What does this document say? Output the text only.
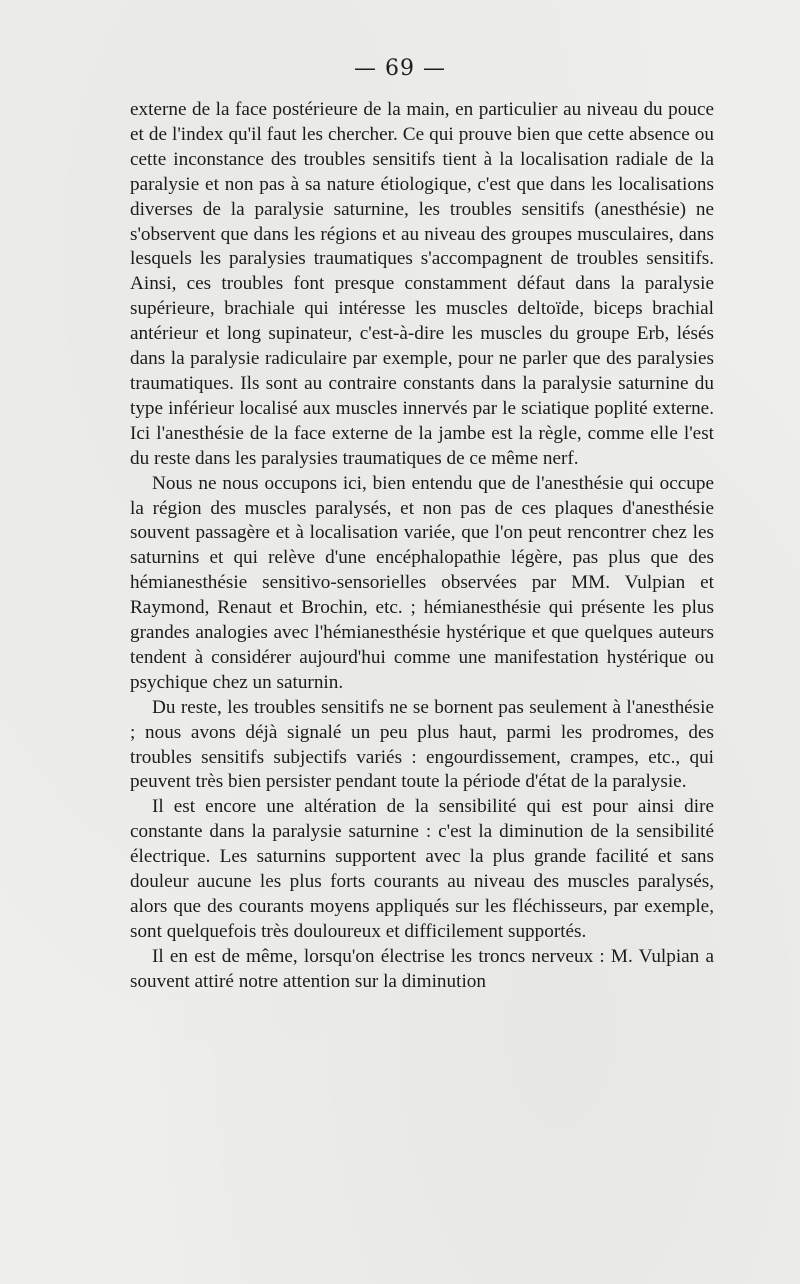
— 69 —

externe de la face postérieure de la main, en particulier au niveau du pouce et de l'index qu'il faut les chercher. Ce qui prouve bien que cette absence ou cette inconstance des troubles sensitifs tient à la localisation radiale de la paralysie et non pas à sa nature étiologique, c'est que dans les localisations diverses de la paralysie saturnine, les troubles sensitifs (anesthésie) ne s'observent que dans les régions et au niveau des groupes musculaires, dans lesquels les paralysies traumatiques s'accompagnent de troubles sensitifs. Ainsi, ces troubles font presque constamment défaut dans la paralysie supérieure, brachiale qui intéresse les muscles deltoïde, biceps brachial antérieur et long supinateur, c'est-à-dire les muscles du groupe Erb, lésés dans la paralysie radiculaire par exemple, pour ne parler que des paralysies traumatiques. Ils sont au contraire constants dans la paralysie saturnine du type inférieur localisé aux muscles innervés par le sciatique poplité externe. Ici l'anesthésie de la face externe de la jambe est la règle, comme elle l'est du reste dans les paralysies traumatiques de ce même nerf.

Nous ne nous occupons ici, bien entendu que de l'anesthésie qui occupe la région des muscles paralysés, et non pas de ces plaques d'anesthésie souvent passagère et à localisation variée, que l'on peut rencontrer chez les saturnins et qui relève d'une encéphalopathie légère, pas plus que des hémianesthésie sensitivo-sensorielles observées par MM. Vulpian et Raymond, Renaut et Brochin, etc. ; hémianesthésie qui présente les plus grandes analogies avec l'hémianesthésie hystérique et que quelques auteurs tendent à considérer aujourd'hui comme une manifestation hystérique ou psychique chez un saturnin.

Du reste, les troubles sensitifs ne se bornent pas seulement à l'anesthésie ; nous avons déjà signalé un peu plus haut, parmi les prodromes, des troubles sensitifs subjectifs variés : engourdissement, crampes, etc., qui peuvent très bien persister pendant toute la période d'état de la paralysie.

Il est encore une altération de la sensibilité qui est pour ainsi dire constante dans la paralysie saturnine : c'est la diminution de la sensibilité électrique. Les saturnins supportent avec la plus grande facilité et sans douleur aucune les plus forts courants au niveau des muscles paralysés, alors que des courants moyens appliqués sur les fléchisseurs, par exemple, sont quelquefois très douloureux et difficilement supportés.

Il en est de même, lorsqu'on électrise les troncs nerveux : M. Vulpian a souvent attiré notre attention sur la diminution
